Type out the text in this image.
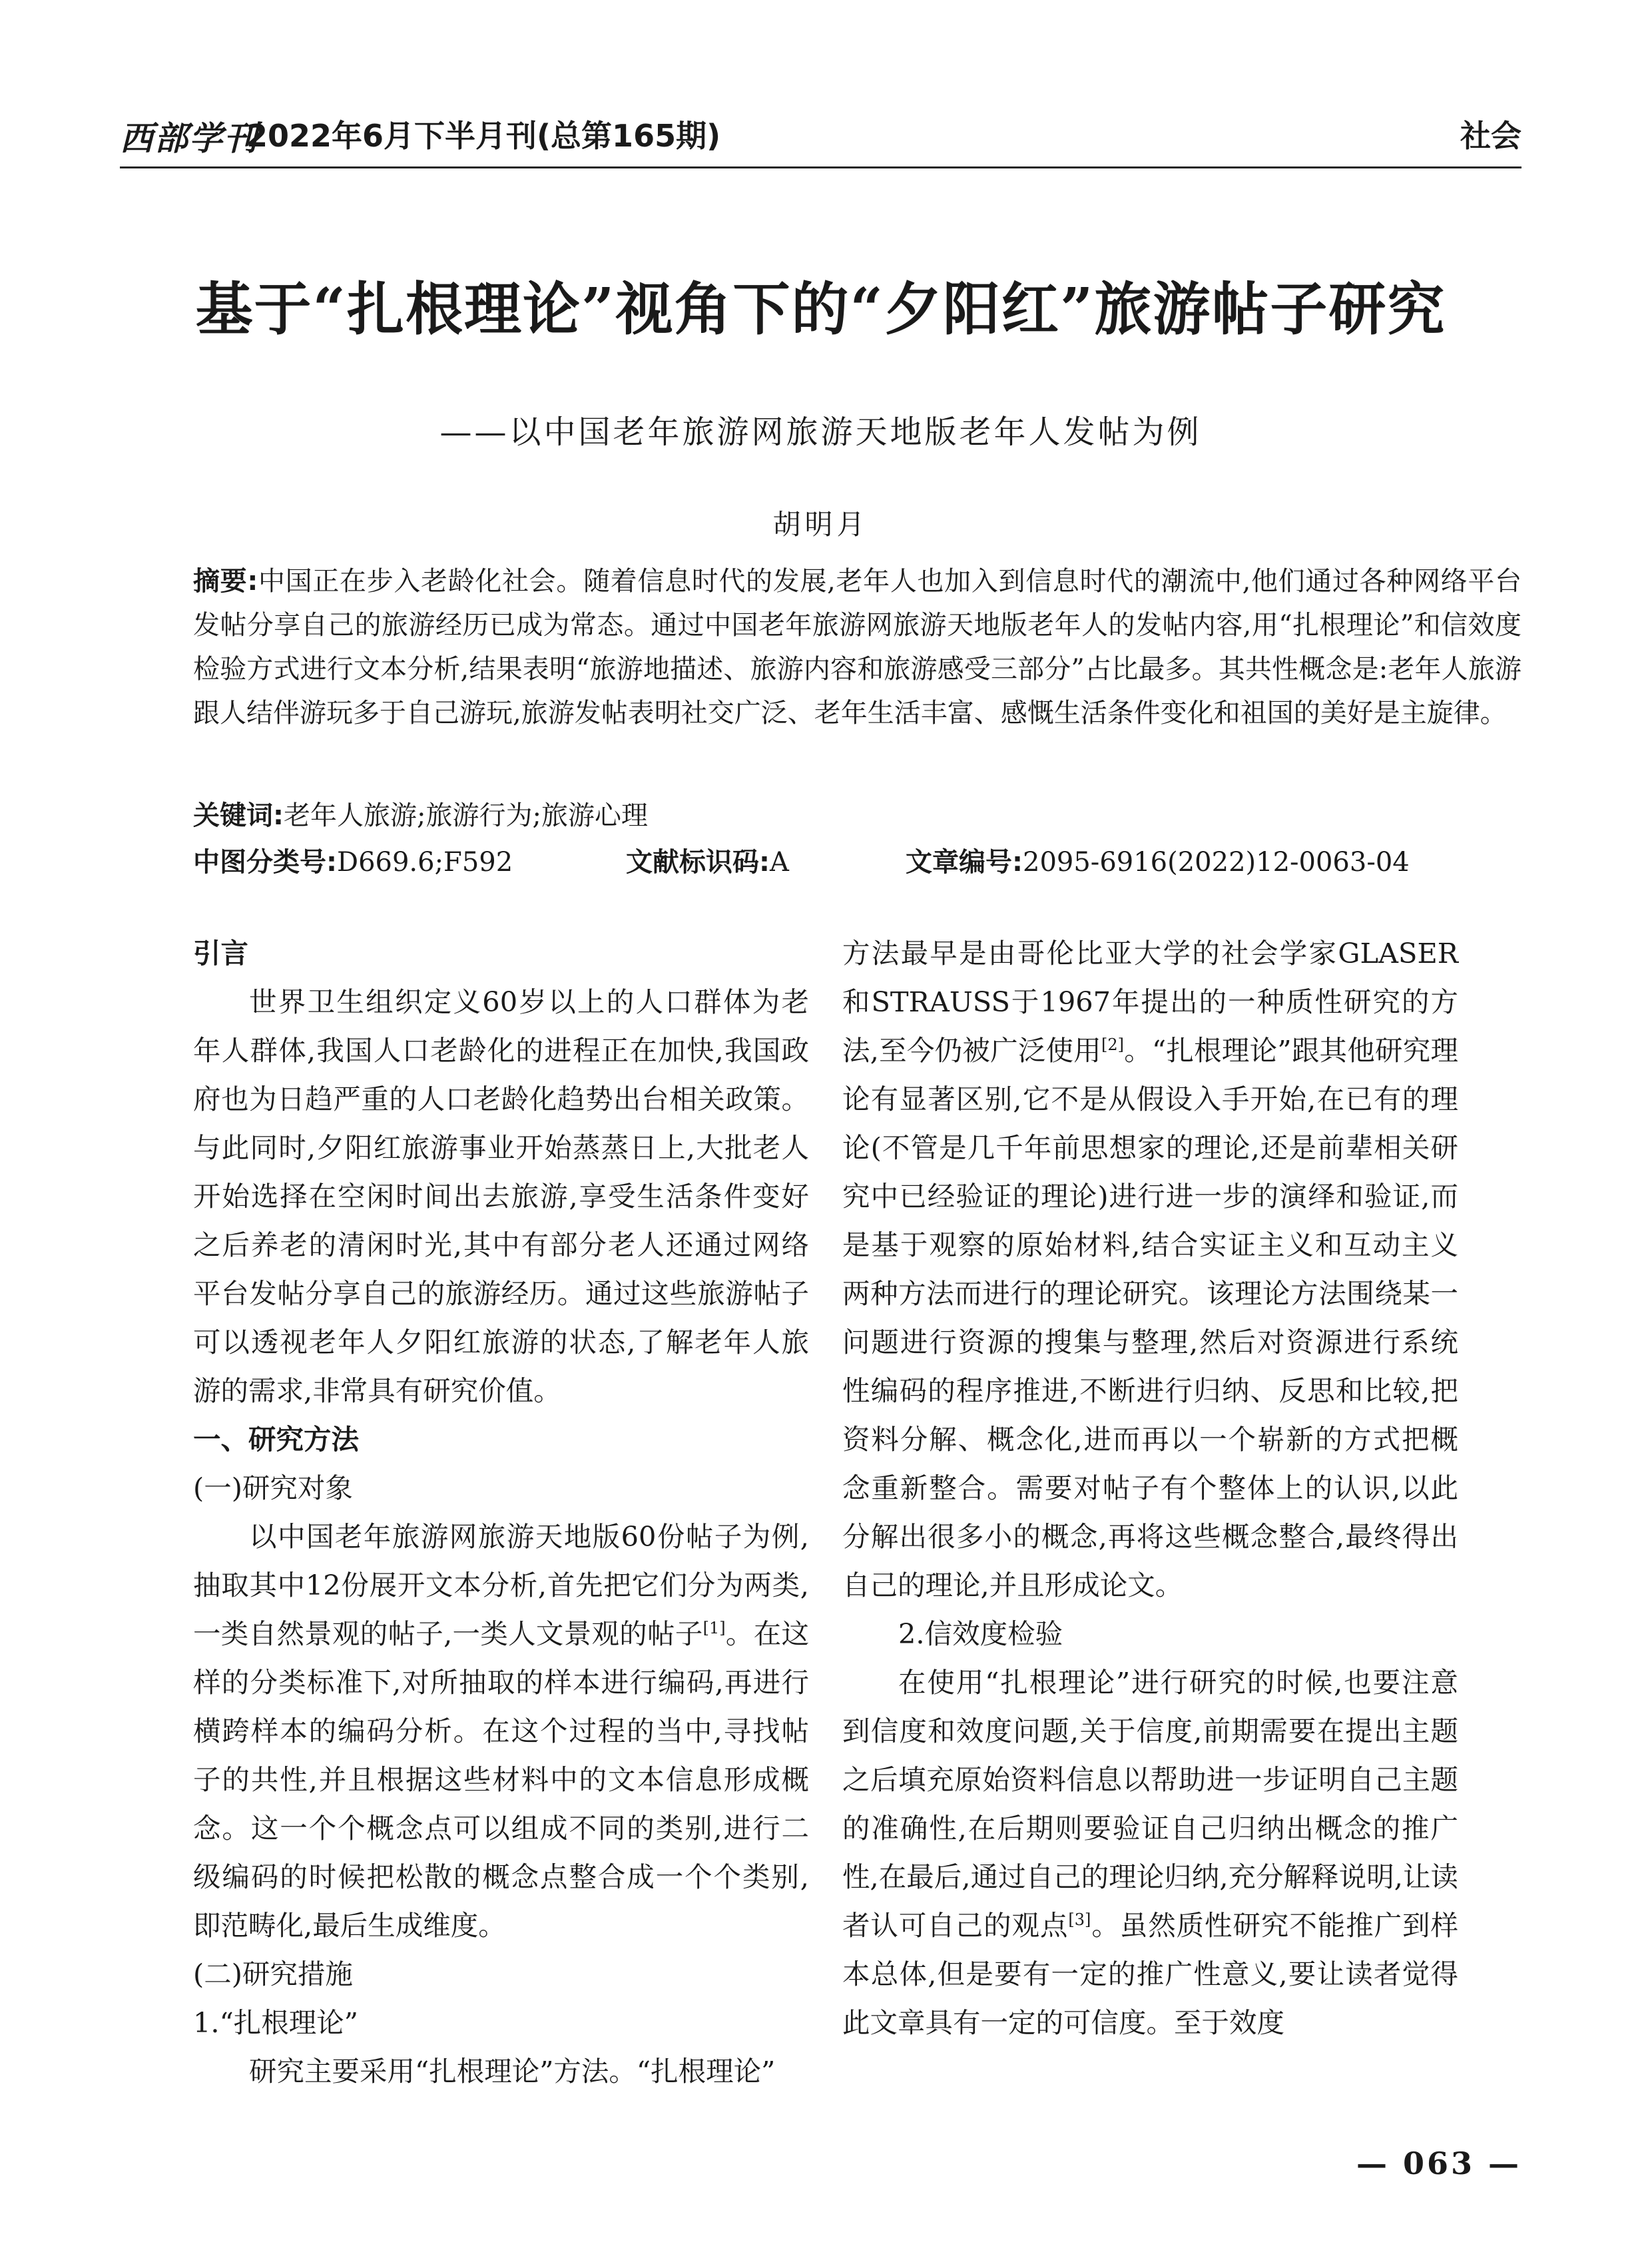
西部学刊
2022年6月下半月刊(总第165期)	社会
基于“扎根理论”视角下的“夕阳红”旅游帖子研究
——以中国老年旅游网旅游天地版老年人发帖为例
胡明月
摘要:中国正在步入老龄化社会。随着信息时代的发展,老年人也加入到信息时代的潮流中,他们通过各种网络平台发帖分享自己的旅游经历已成为常态。通过中国老年旅游网旅游天地版老年人的发帖内容,用“扎根理论”和信效度检验方式进行文本分析,结果表明“旅游地描述、旅游内容和旅游感受三部分”占比最多。其共性概念是:老年人旅游跟人结伴游玩多于自己游玩,旅游发帖表明社交广泛、老年生活丰富、感慨生活条件变化和祖国的美好是主旋律。
关键词:老年人旅游;旅游行为;旅游心理
中图分类号:D669.6;F592	文献标识码:A	文章编号:2095-6916(2022)12-0063-04
引言

世界卫生组织定义60岁以上的人口群体为老年人群体,我国人口老龄化的进程正在加快,我国政府也为日趋严重的人口老龄化趋势出台相关政策。与此同时,夕阳红旅游事业开始蒸蒸日上,大批老人开始选择在空闲时间出去旅游,享受生活条件变好之后养老的清闲时光,其中有部分老人还通过网络平台发帖分享自己的旅游经历。通过这些旅游帖子可以透视老年人夕阳红旅游的状态,了解老年人旅游的需求,非常具有研究价值。

一、研究方法
(一)研究对象

以中国老年旅游网旅游天地版60份帖子为例,抽取其中12份展开文本分析,首先把它们分为两类,一类自然景观的帖子,一类人文景观的帖子[1]。在这样的分类标准下,对所抽取的样本进行编码,再进行横跨样本的编码分析。在这个过程的当中,寻找帖子的共性,并且根据这些材料中的文本信息形成概念。这一个个概念点可以组成不同的类别,进行二级编码的时候把松散的概念点整合成一个个类别,即范畴化,最后生成维度。

(二)研究措施
1.“扎根理论”

研究主要采用“扎根理论”方法。“扎根理论”

方法最早是由哥伦比亚大学的社会学家GLASER和STRAUSS于1967年提出的一种质性研究的方法,至今仍被广泛使用[2]。“扎根理论”跟其他研究理论有显著区别,它不是从假设入手开始,在已有的理论(不管是几千年前思想家的理论,还是前辈相关研究中已经验证的理论)进行进一步的演绎和验证,而是基于观察的原始材料,结合实证主义和互动主义两种方法而进行的理论研究。该理论方法围绕某一问题进行资源的搜集与整理,然后对资源进行系统性编码的程序推进,不断进行归纳、反思和比较,把资料分解、概念化,进而再以一个崭新的方式把概念重新整合。需要对帖子有个整体上的认识,以此分解出很多小的概念,再将这些概念整合,最终得出自己的理论,并且形成论文。

2.信效度检验

在使用“扎根理论”进行研究的时候,也要注意到信度和效度问题,关于信度,前期需要在提出主题之后填充原始资料信息以帮助进一步证明自己主题的准确性,在后期则要验证自己归纳出概念的推广性,在最后,通过自己的理论归纳,充分解释说明,让读者认可自己的观点[3]。虽然质性研究不能推广到样本总体,但是要有一定的推广性意义,要让读者觉得此文章具有一定的可信度。至于效度

— 063 —
